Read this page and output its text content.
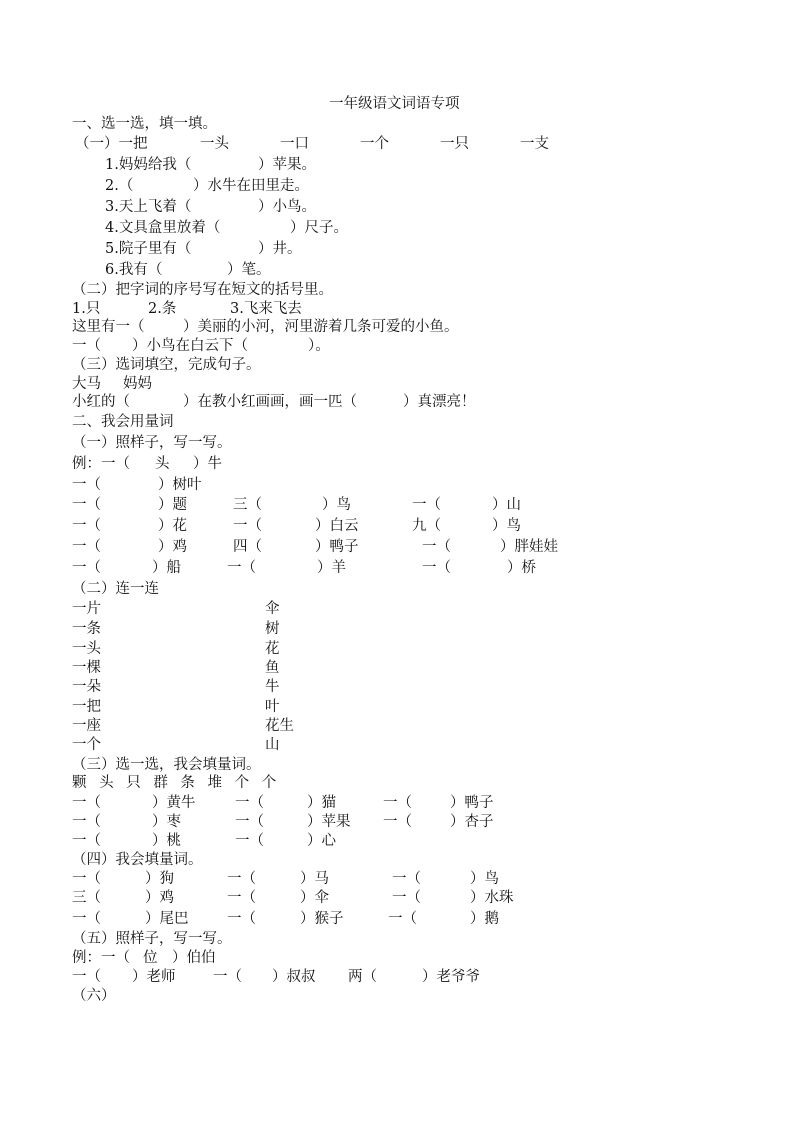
一年级语文词语专项
一、选一选，填一填。
（一）一把	一头	一口	一个	一只	一支
1.妈妈给我（	）苹果。
2.（	）水牛在田里走。
3.天上飞着（	）小鸟。
4.文具盒里放着（	）尺子。
5.院子里有（	）井。
6.我有（	）笔。
（二）把字词的序号写在短文的括号里。
1.只	2.条	3.飞来飞去
这里有一（	）美丽的小河，河里游着几条可爱的小鱼。
一（ ）小鸟在白云下（	）。
（三）选词填空，完成句子。
大马 妈妈
小红的（	）在教小红画画，画一匹（	）真漂亮！
二、我会用量词
（一）照样子，写一写。
例：一（ 头 ）牛
一（	）树叶
一（	）题	三（	）鸟	一（	）山
一（	）花	一（	）白云	九（	）鸟
一（	）鸡	四（	）鸭子	一（	）胖娃娃
一（	）船	一（	）羊	一（	）桥
（二）连一连
一片	伞
一条	树
一头	花
一棵	鱼
一朵	牛
一把	叶
一座	花生
一个	山
（三）选一选，我会填量词。
颗 头 只 群 条 堆 个 个
一（	）黄牛	一（	）猫	一（	）鸭子
一（	）枣	一（	）苹果 一（	）杏子
一（	）桃	一（	）心
（四）我会填量词。
一（	）狗	一（	）马	一（	）鸟
三（	）鸡	一（	）伞	一（	）水珠
一（	）尾巴	一（	）猴子	一（	）鹅
（五）照样子，写一写。
例：一（ 位 ）伯伯
一（ ）老师	一（ ）叔叔 两（	）老爷爷
（六）
